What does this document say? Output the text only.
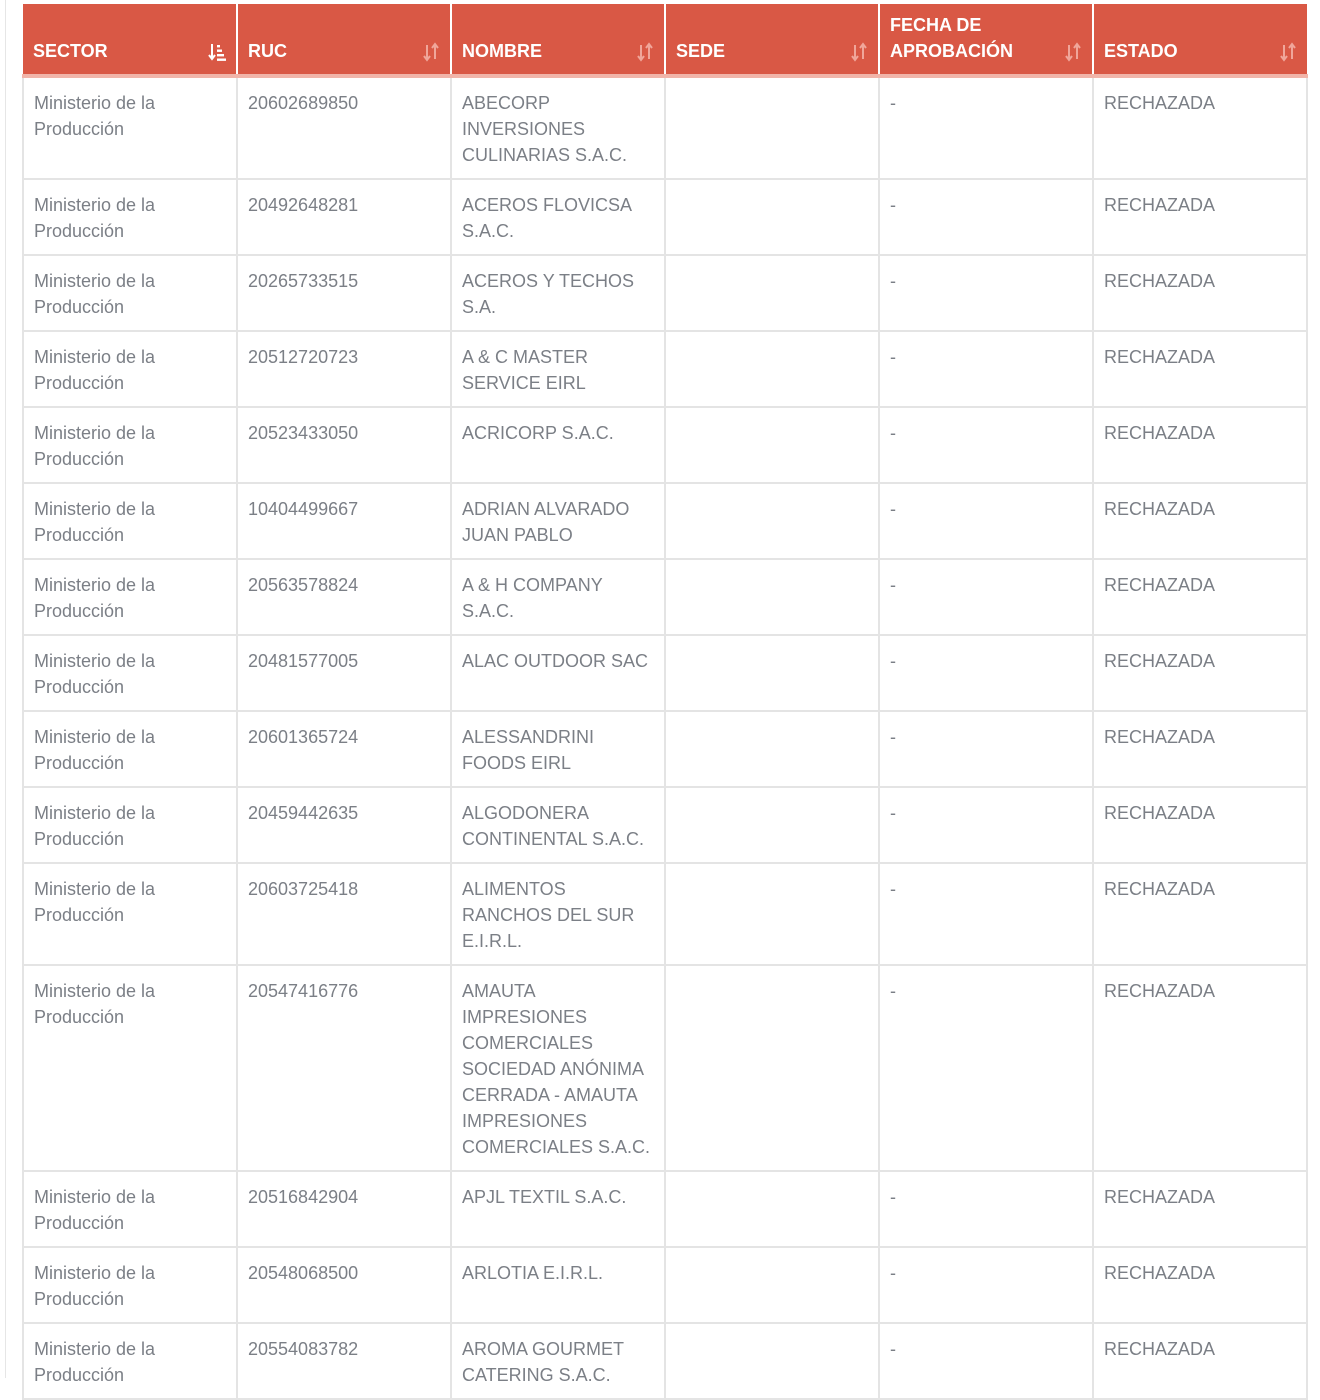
SECTOR	RUC	NOMBRE	SEDE	FECHA DE APROBACIÓN	ESTADO

Ministerio de la Producción	20602689850	ABECORP INVERSIONES CULINARIAS S.A.C.		-	RECHAZADA
Ministerio de la Producción	20492648281	ACEROS FLOVICSA S.A.C.		-	RECHAZADA
Ministerio de la Producción	20265733515	ACEROS Y TECHOS S.A.		-	RECHAZADA
Ministerio de la Producción	20512720723	A & C MASTER SERVICE EIRL		-	RECHAZADA
Ministerio de la Producción	20523433050	ACRICORP S.A.C.		-	RECHAZADA
Ministerio de la Producción	10404499667	ADRIAN ALVARADO JUAN PABLO		-	RECHAZADA
Ministerio de la Producción	20563578824	A & H COMPANY S.A.C.		-	RECHAZADA
Ministerio de la Producción	20481577005	ALAC OUTDOOR SAC		-	RECHAZADA
Ministerio de la Producción	20601365724	ALESSANDRINI FOODS EIRL		-	RECHAZADA
Ministerio de la Producción	20459442635	ALGODONERA CONTINENTAL S.A.C.		-	RECHAZADA
Ministerio de la Producción	20603725418	ALIMENTOS RANCHOS DEL SUR E.I.R.L.		-	RECHAZADA
Ministerio de la Producción	20547416776	AMAUTA IMPRESIONES COMERCIALES SOCIEDAD ANÓNIMA CERRADA - AMAUTA IMPRESIONES COMERCIALES S.A.C.		-	RECHAZADA
Ministerio de la Producción	20516842904	APJL TEXTIL S.A.C.		-	RECHAZADA
Ministerio de la Producción	20548068500	ARLOTIA E.I.R.L.		-	RECHAZADA
Ministerio de la Producción	20554083782	AROMA GOURMET CATERING S.A.C.		-	RECHAZADA
